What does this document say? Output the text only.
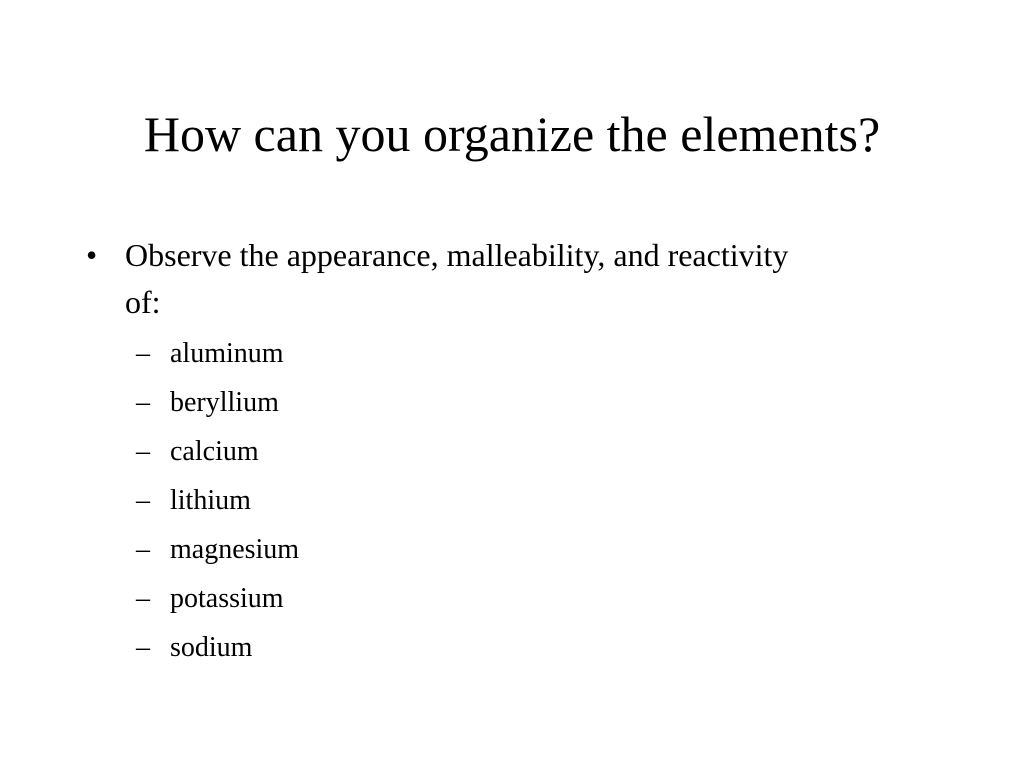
How can you organize the elements?
• Observe the appearance, malleability, and reactivity of:
– aluminum
– beryllium
– calcium
– lithium
– magnesium
– potassium
– sodium
